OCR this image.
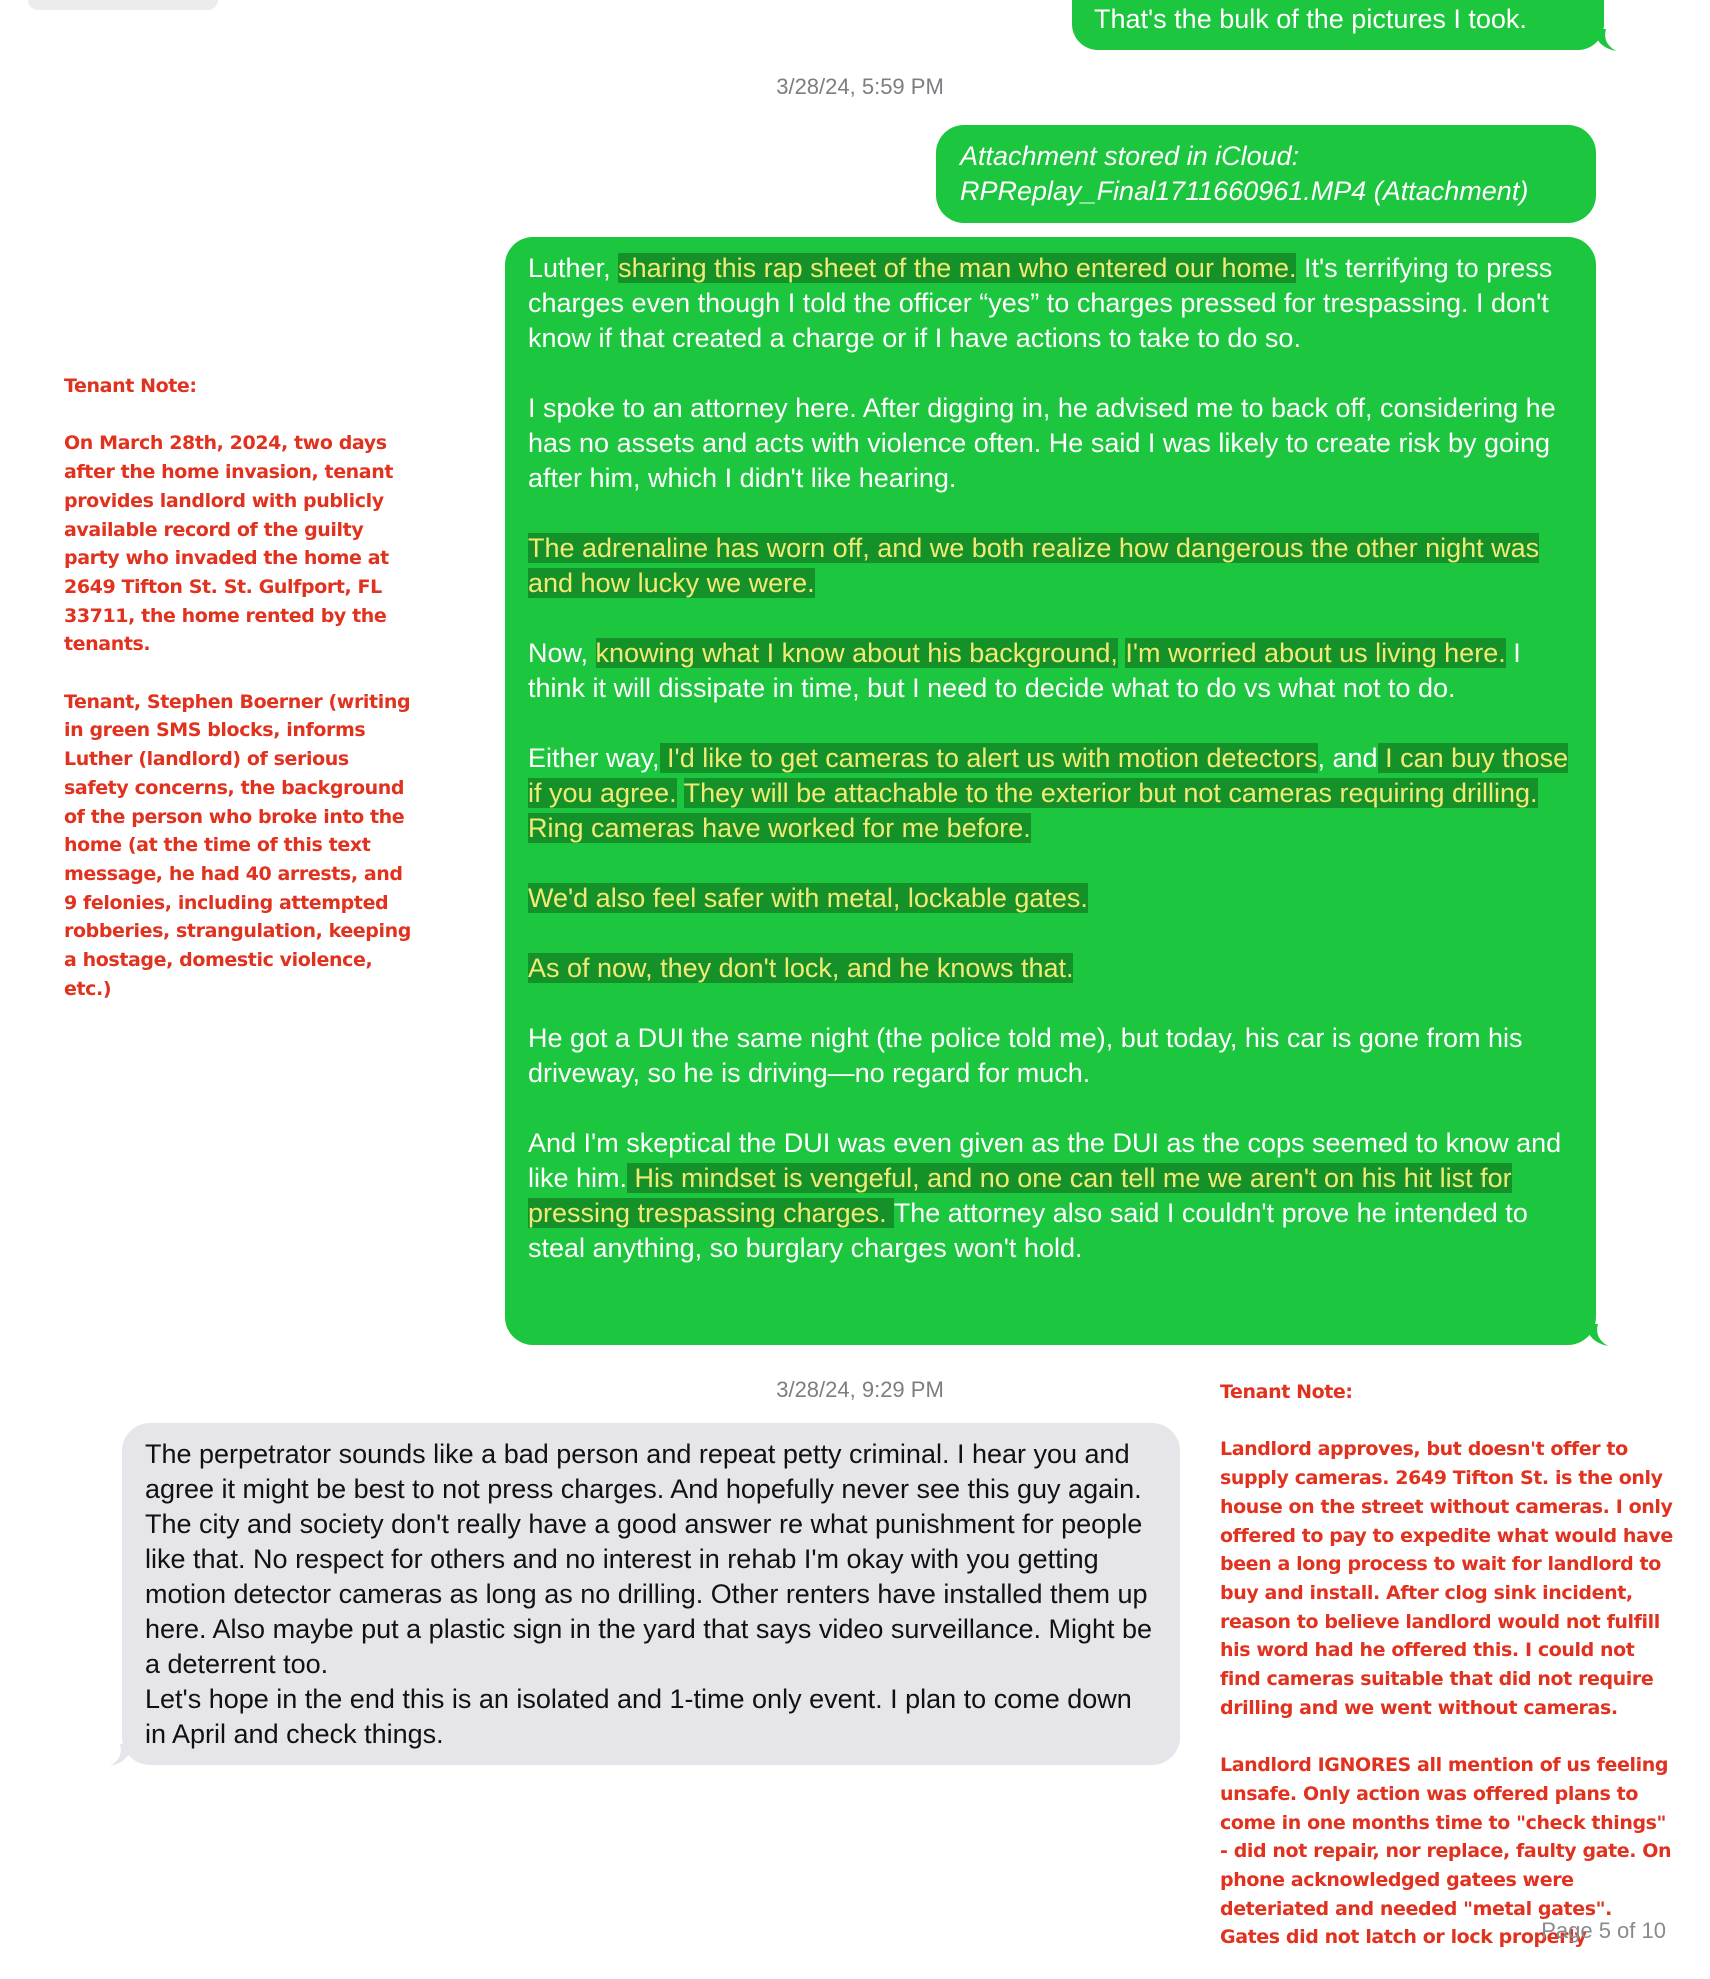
That's the bulk of the pictures I took.
3/28/24, 5:59 PM
Attachment stored in iCloud:
RPReplay_Final1711660961.MP4 (Attachment)

Luther, sharing this rap sheet of the man who entered our home. It's terrifying to press charges even though I told the officer “yes” to charges pressed for trespassing. I don't know if that created a charge or if I have actions to take to do so.

I spoke to an attorney here. After digging in, he advised me to back off, considering he has no assets and acts with violence often. He said I was likely to create risk by going after him, which I didn't like hearing.

The adrenaline has worn off, and we both realize how dangerous the other night was and how lucky we were.

Now, knowing what I know about his background, I'm worried about us living here. I think it will dissipate in time, but I need to decide what to do vs what not to do.

Either way, I'd like to get cameras to alert us with motion detectors, and I can buy those if you agree. They will be attachable to the exterior but not cameras requiring drilling. Ring cameras have worked for me before.

We'd also feel safer with metal, lockable gates.

As of now, they don't lock, and he knows that.

He got a DUI the same night (the police told me), but today, his car is gone from his driveway, so he is driving—no regard for much.

And I'm skeptical the DUI was even given as the DUI as the cops seemed to know and like him. His mindset is vengeful, and no one can tell me we aren't on his hit list for pressing trespassing charges. The attorney also said I couldn't prove he intended to steal anything, so burglary charges won't hold.

3/28/24, 9:29 PM

The perpetrator sounds like a bad person and repeat petty criminal. I hear you and agree it might be best to not press charges. And hopefully never see this guy again. The city and society don't really have a good answer re what punishment for people like that. No respect for others and no interest in rehab I'm okay with you getting motion detector cameras as long as no drilling. Other renters have installed them up here. Also maybe put a plastic sign in the yard that says video surveillance. Might be a deterrent too.

Let's hope in the end this is an isolated and 1-time only event. I plan to come down in April and check things.

Tenant Note:

On March 28th, 2024, two days after the home invasion, tenant provides landlord with publicly available record of the guilty party who invaded the home at 2649 Tifton St. St. Gulfport, FL 33711, the home rented by the tenants.

Tenant, Stephen Boerner (writing in green SMS blocks, informs Luther (landlord) of serious safety concerns, the background of the person who broke into the home (at the time of this text message, he had 40 arrests, and 9 felonies, including attempted robberies, strangulation, keeping a hostage, domestic violence, etc.)

Tenant Note:

Landlord approves, but doesn't offer to supply cameras. 2649 Tifton St. is the only house on the street without cameras. I only offered to pay to expedite what would have been a long process to wait for landlord to buy and install. After clog sink incident, reason to believe landlord would not fulfill his word had he offered this. I could not find cameras suitable that did not require drilling and we went without cameras.

Landlord IGNORES all mention of us feeling unsafe. Only action was offered plans to come in one months time to "check things" - did not repair, nor replace, faulty gate. On phone acknowledged gatees were deteriated and needed "metal gates". Gates did not latch or lock properly

Page 5 of 10
